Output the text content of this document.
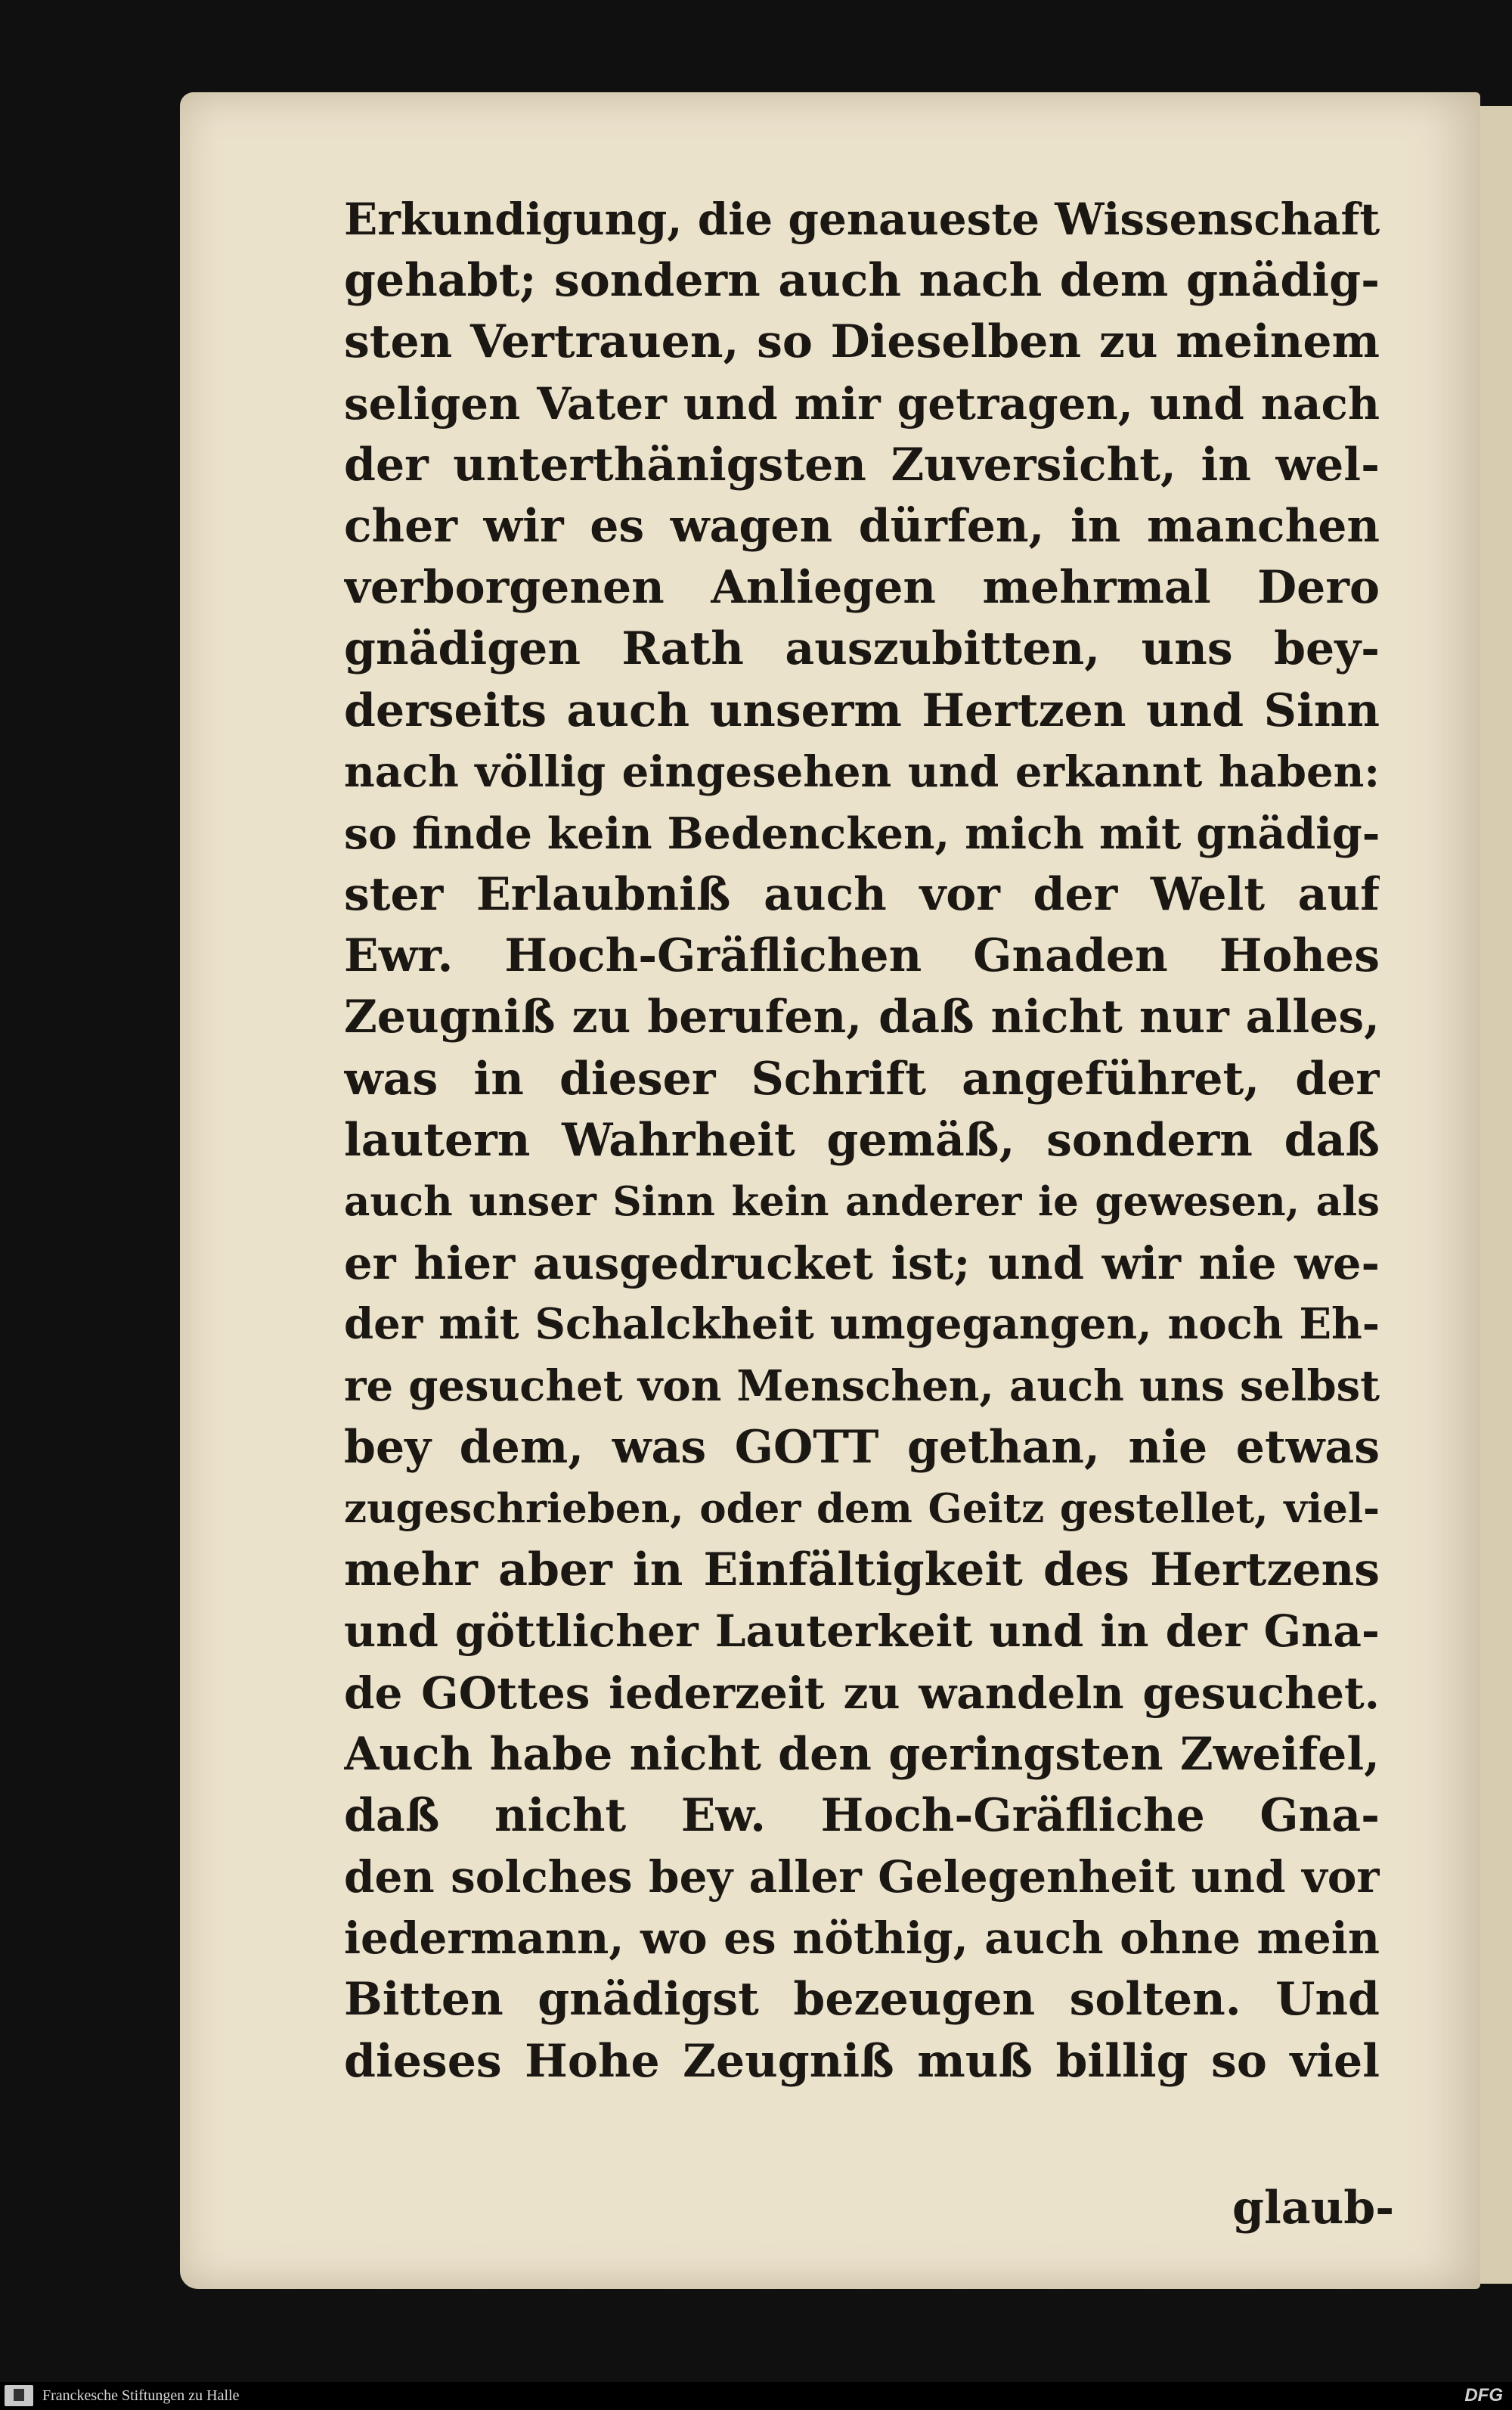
Erkundigung, die genaueste Wissenschaft
gehabt; sondern auch nach dem gnädig-
sten Vertrauen, so Dieselben zu meinem
seligen Vater und mir getragen, und nach
der unterthänigsten Zuversicht, in wel-
cher wir es wagen dürfen, in manchen
verborgenen Anliegen mehrmal Dero
gnädigen Rath auszubitten, uns bey-
derseits auch unserm Hertzen und Sinn
nach völlig eingesehen und erkannt haben:
so finde kein Bedencken, mich mit gnädig-
ster Erlaubniß auch vor der Welt auf
Ewr. Hoch-Gräflichen Gnaden Hohes
Zeugniß zu berufen, daß nicht nur alles,
was in dieser Schrift angeführet, der
lautern Wahrheit gemäß, sondern daß
auch unser Sinn kein anderer ie gewesen, als
er hier ausgedrucket ist; und wir nie we-
der mit Schalckheit umgegangen, noch Eh-
re gesuchet von Menschen, auch uns selbst
bey dem, was GOTT gethan, nie etwas
zugeschrieben, oder dem Geitz gestellet, viel-
mehr aber in Einfältigkeit des Hertzens
und göttlicher Lauterkeit und in der Gna-
de GOttes iederzeit zu wandeln gesuchet.
Auch habe nicht den geringsten Zweifel,
daß nicht Ew. Hoch-Gräfliche Gna-
den solches bey aller Gelegenheit und vor
iedermann, wo es nöthig, auch ohne mein
Bitten gnädigst bezeugen solten. Und
dieses Hohe Zeugniß muß billig so viel
glaub-
Franckesche Stiftungen zu Halle	DFG
